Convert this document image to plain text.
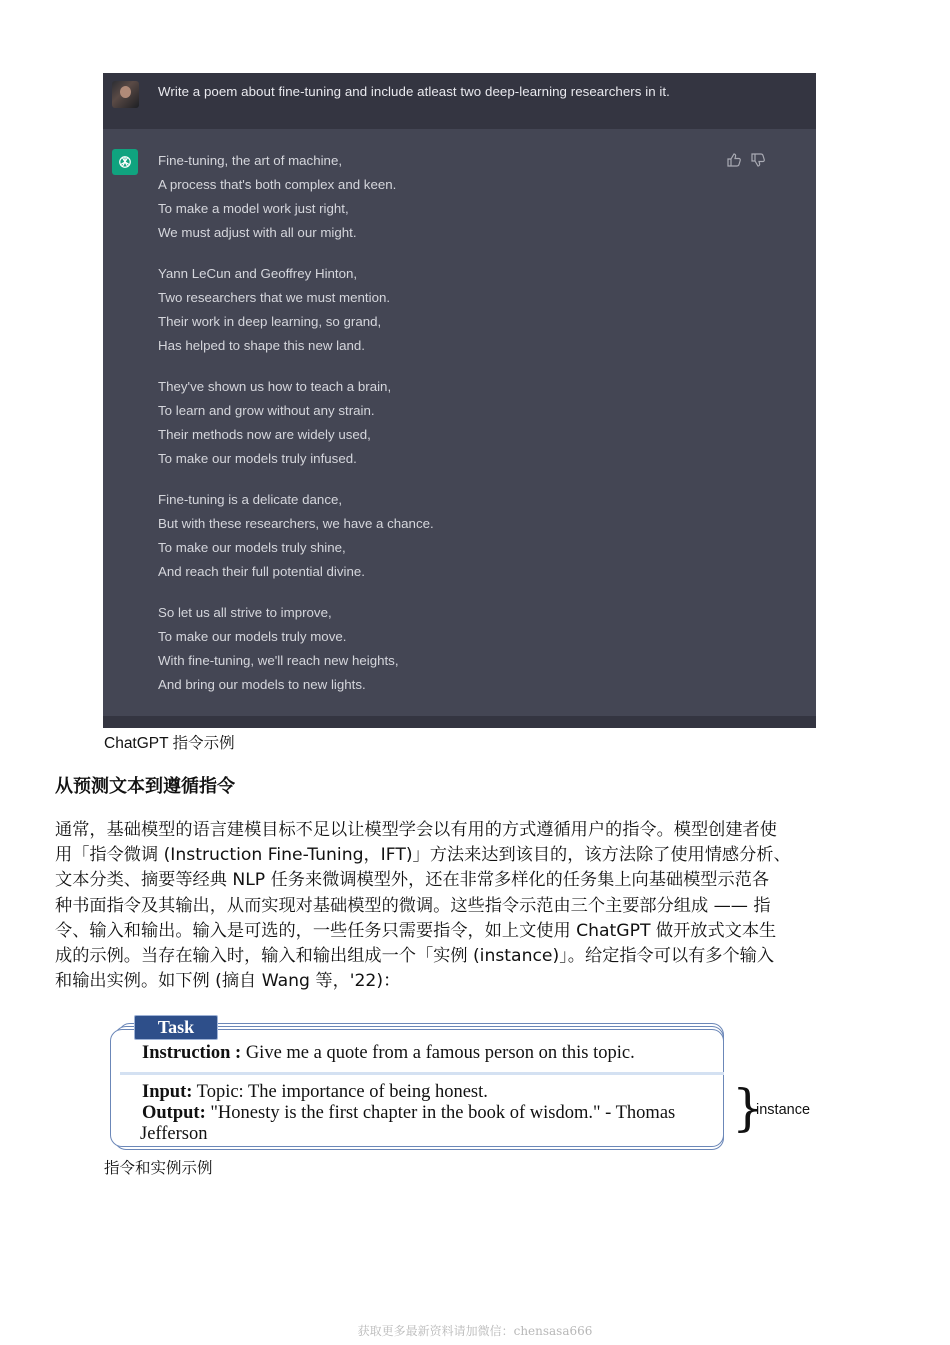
Write a poem about fine-tuning and include atleast two deep-learning researchers in it.
Fine-tuning, the art of machine,
A process that's both complex and keen.
To make a model work just right,
We must adjust with all our might.
Yann LeCun and Geoffrey Hinton,
Two researchers that we must mention.
Their work in deep learning, so grand,
Has helped to shape this new land.
They've shown us how to teach a brain,
To learn and grow without any strain.
Their methods now are widely used,
To make our models truly infused.
Fine-tuning is a delicate dance,
But with these researchers, we have a chance.
To make our models truly shine,
And reach their full potential divine.
So let us all strive to improve,
To make our models truly move.
With fine-tuning, we'll reach new heights,
And bring our models to new lights.
ChatGPT 指令示例
从预测文本到遵循指令
通常，基础模型的语言建模目标不足以让模型学会以有用的方式遵循用户的指令。模型创建者使
用「指令微调 (Instruction Fine-Tuning，IFT)」方法来达到该目的，该方法除了使用情感分析、
文本分类、摘要等经典 NLP 任务来微调模型外，还在非常多样化的任务集上向基础模型示范各
种书面指令及其输出，从而实现对基础模型的微调。这些指令示范由三个主要部分组成 —— 指
令、输入和输出。输入是可选的，一些任务只需要指令，如上文使用 ChatGPT 做开放式文本生
成的示例。当存在输入时，输入和输出组成一个「实例 (instance)」。给定指令可以有多个输入
和输出实例。如下例 (摘自 Wang 等，'22)：
Task
Instruction : Give me a quote from a famous person on this topic.
Input: Topic: The importance of being honest.
Output: "Honesty is the first chapter in the book of wisdom." - Thomas
Jefferson	}
instance
指令和实例示例
获取更多最新资料请加微信：chensasa666
